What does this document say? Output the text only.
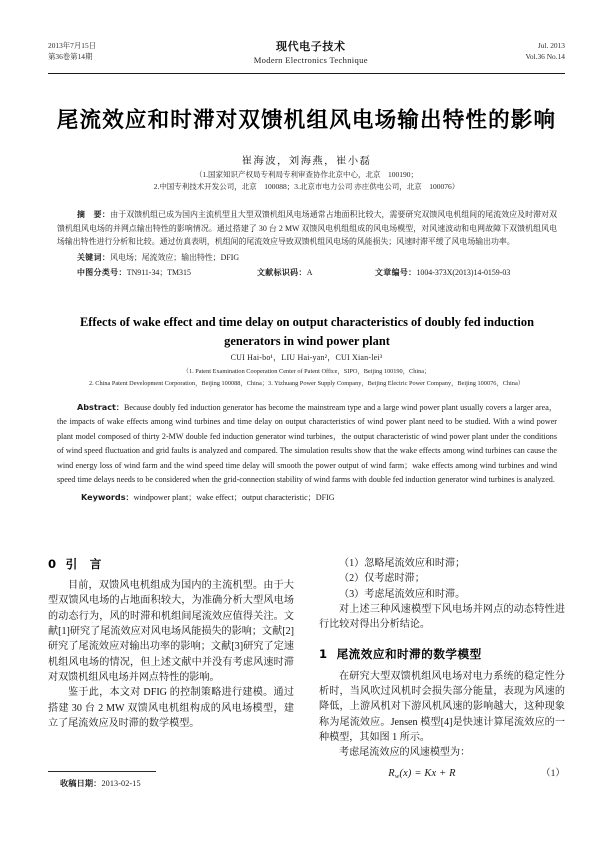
2013年7月15日
第36卷第14期
现代电子技术
Modern Electronics Technique
Jul. 2013
Vol.36 No.14
尾流效应和时滞对双馈机组风电场输出特性的影响
崔海波，刘海燕，崔小磊
（1.国家知识产权局专利局专利审查协作北京中心，北京　100190；
2.中国专利技术开发公司，北京　100088；3.北京市电力公司 亦庄供电公司，北京　100076）
摘　要：由于双馈机组已成为国内主流机型且大型双馈机组风电场通常占地面积比较大，需要研究双馈风电机组间的尾流效应及时滞对双馈机组风电场的并网点输出特性的影响情况。通过搭建了 30 台 2 MW 双馈风电机组组成的风电场模型，对风速波动和电网故障下双馈机组风电场输出特性进行分析和比较。通过仿真表明，机组间的尾流效应导致双馈机组风电场的风能损失；风速时滞平缓了风电场输出功率。
关键词：风电场；尾流效应；输出特性；DFIG
中图分类号：TN911-34；TM315	文献标识码：A	文章编号：1004-373X(2013)14-0159-03
Effects of wake effect and time delay on output characteristics of doubly fed induction
generators in wind power plant
CUI Hai-bo¹，LIU Hai-yan²，CUI Xian-lei³
（1. Patent Examination Cooperation Center of Patent Office，SIPO，Beijing 100190，China；
2. China Patent Development Corporation，Beijing 100088，China；3. Yizhuang Power Supply Company，Beijing Electric Power Company，Beijing 100076，China）
Abstract：Because doubly fed induction generator has become the mainstream type and a large wind power plant usually covers a larger area，the impacts of wake effects among wind turbines and time delay on output characteristics of wind power plant need to be studied. With a wind power plant model composed of thirty 2-MW double fed induction generator wind turbines，the output characteristic of wind power plant under the conditions of wind speed fluctuation and grid faults is analyzed and compared. The simulation results show that the wake effects among wind turbines can cause the wind energy loss of wind farm and the wind speed time delay will smooth the power output of wind farm；wake effects among wind turbines and wind speed time delays needs to be considered when the grid-connection stability of wind farms with double fed induction generator wind turbines is analyzed.
Keywords：windpower plant；wake effect；output characteristic；DFIG
0 引　言

目前，双馈风电机组成为国内的主流机型。由于大型双馈风电场的占地面积较大，为准确分析大型风电场的动态行为，风的时滞和机组间尾流效应值得关注。文献[1]研究了尾流效应对风电场风能损失的影响；文献[2]研究了尾流效应对输出功率的影响；文献[3]研究了定速机组风电场的情况，但上述文献中并没有考虑风速时滞对双馈机组风电场并网点特性的影响。

鉴于此，本文对 DFIG 的控制策略进行建模。通过搭建 30 台 2 MW 双馈风电机组构成的风电场模型，建立了尾流效应及时滞的数学模型。

（1）忽略尾流效应和时滞；

（2）仅考虑时滞；

（3）考虑尾流效应和时滞。

对上述三种风速模型下风电场并网点的动态特性进行比较对得出分析结论。

1 尾流效应和时滞的数学模型

在研究大型双馈机组风电场对电力系统的稳定性分析时，当风吹过风机时会损失部分能量，表现为风速的降低，上游风机对下游风机风速的影响越大，这种现象称为尾流效应。Jensen 模型[4]是快速计算尾流效应的一种模型，其如图 1 所示。

考虑尾流效应的风速模型为：

$R_w(x) = Kx + R$	（1）
收稿日期：2013-02-15
